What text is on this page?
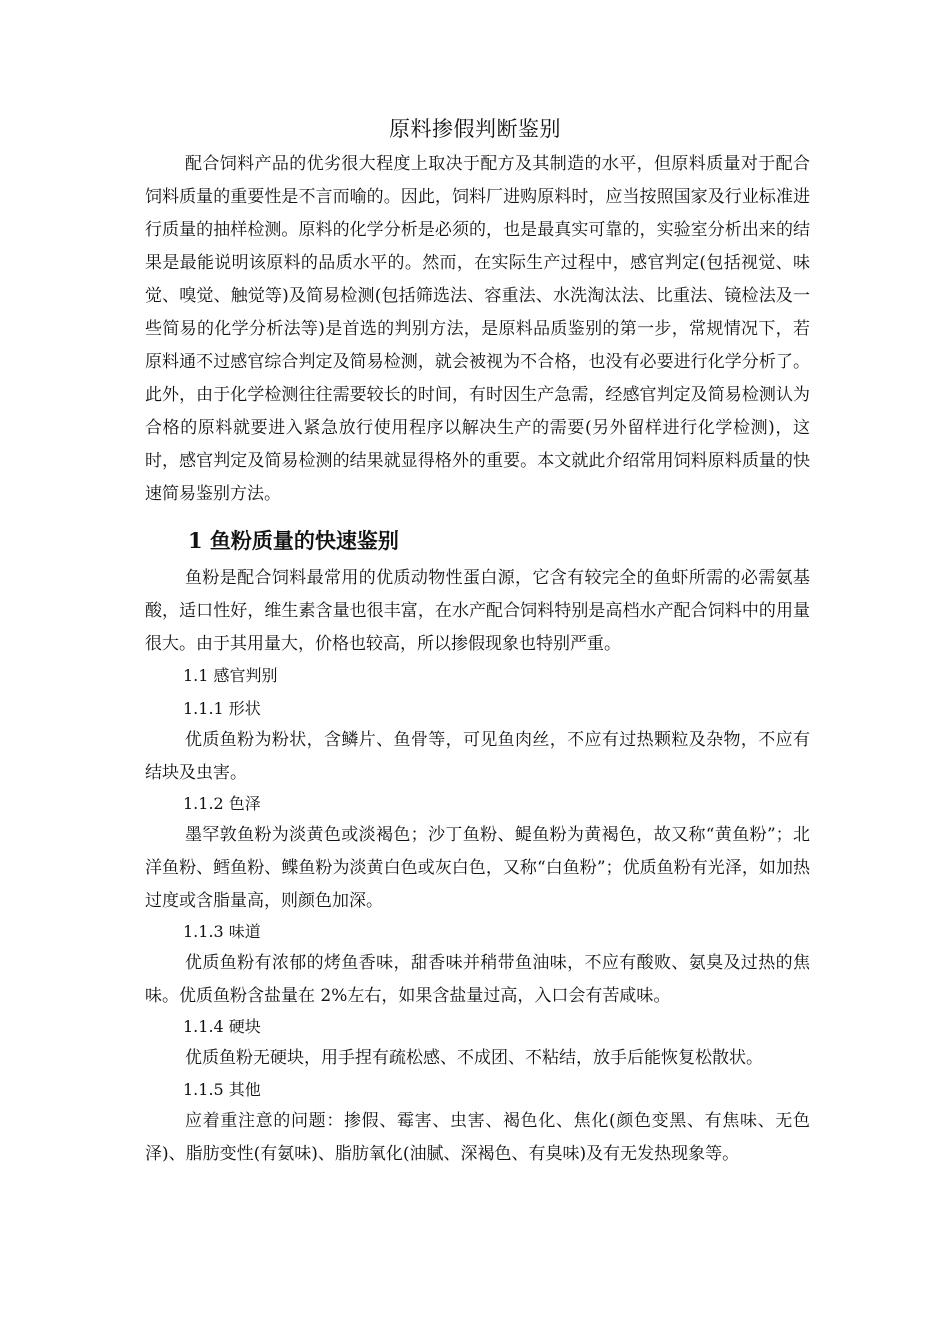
原料掺假判断鉴别

配合饲料产品的优劣很大程度上取决于配方及其制造的水平，但原料质量对于配合饲料质量的重要性是不言而喻的。因此，饲料厂进购原料时，应当按照国家及行业标准进行质量的抽样检测。原料的化学分析是必须的，也是最真实可靠的，实验室分析出来的结果是最能说明该原料的品质水平的。然而，在实际生产过程中，感官判定(包括视觉、味觉、嗅觉、触觉等)及简易检测(包括筛选法、容重法、水洗淘汰法、比重法、镜检法及一些简易的化学分析法等)是首选的判别方法，是原料品质鉴别的第一步，常规情况下，若原料通不过感官综合判定及简易检测，就会被视为不合格，也没有必要进行化学分析了。此外，由于化学检测往往需要较长的时间，有时因生产急需，经感官判定及简易检测认为合格的原料就要进入紧急放行使用程序以解决生产的需要(另外留样进行化学检测)，这时，感官判定及简易检测的结果就显得格外的重要。本文就此介绍常用饲料原料质量的快速简易鉴别方法。

1 鱼粉质量的快速鉴别

鱼粉是配合饲料最常用的优质动物性蛋白源，它含有较完全的鱼虾所需的必需氨基酸，适口性好，维生素含量也很丰富，在水产配合饲料特别是高档水产配合饲料中的用量很大。由于其用量大，价格也较高，所以掺假现象也特别严重。

1.1 感官判别

1.1.1 形状

优质鱼粉为粉状，含鳞片、鱼骨等，可见鱼肉丝，不应有过热颗粒及杂物，不应有结块及虫害。

1.1.2 色泽

墨罕敦鱼粉为淡黄色或淡褐色；沙丁鱼粉、鳀鱼粉为黄褐色，故又称“黄鱼粉”；北洋鱼粉、鳕鱼粉、鲽鱼粉为淡黄白色或灰白色，又称“白鱼粉”；优质鱼粉有光泽，如加热过度或含脂量高，则颜色加深。

1.1.3 味道

优质鱼粉有浓郁的烤鱼香味，甜香味并稍带鱼油味，不应有酸败、氨臭及过热的焦味。优质鱼粉含盐量在 2%左右，如果含盐量过高，入口会有苦咸味。

1.1.4 硬块

优质鱼粉无硬块，用手捏有疏松感、不成团、不粘结，放手后能恢复松散状。

1.1.5 其他

应着重注意的问题：掺假、霉害、虫害、褐色化、焦化(颜色变黑、有焦味、无色泽)、脂肪变性(有氨味)、脂肪氧化(油腻、深褐色、有臭味)及有无发热现象等。
